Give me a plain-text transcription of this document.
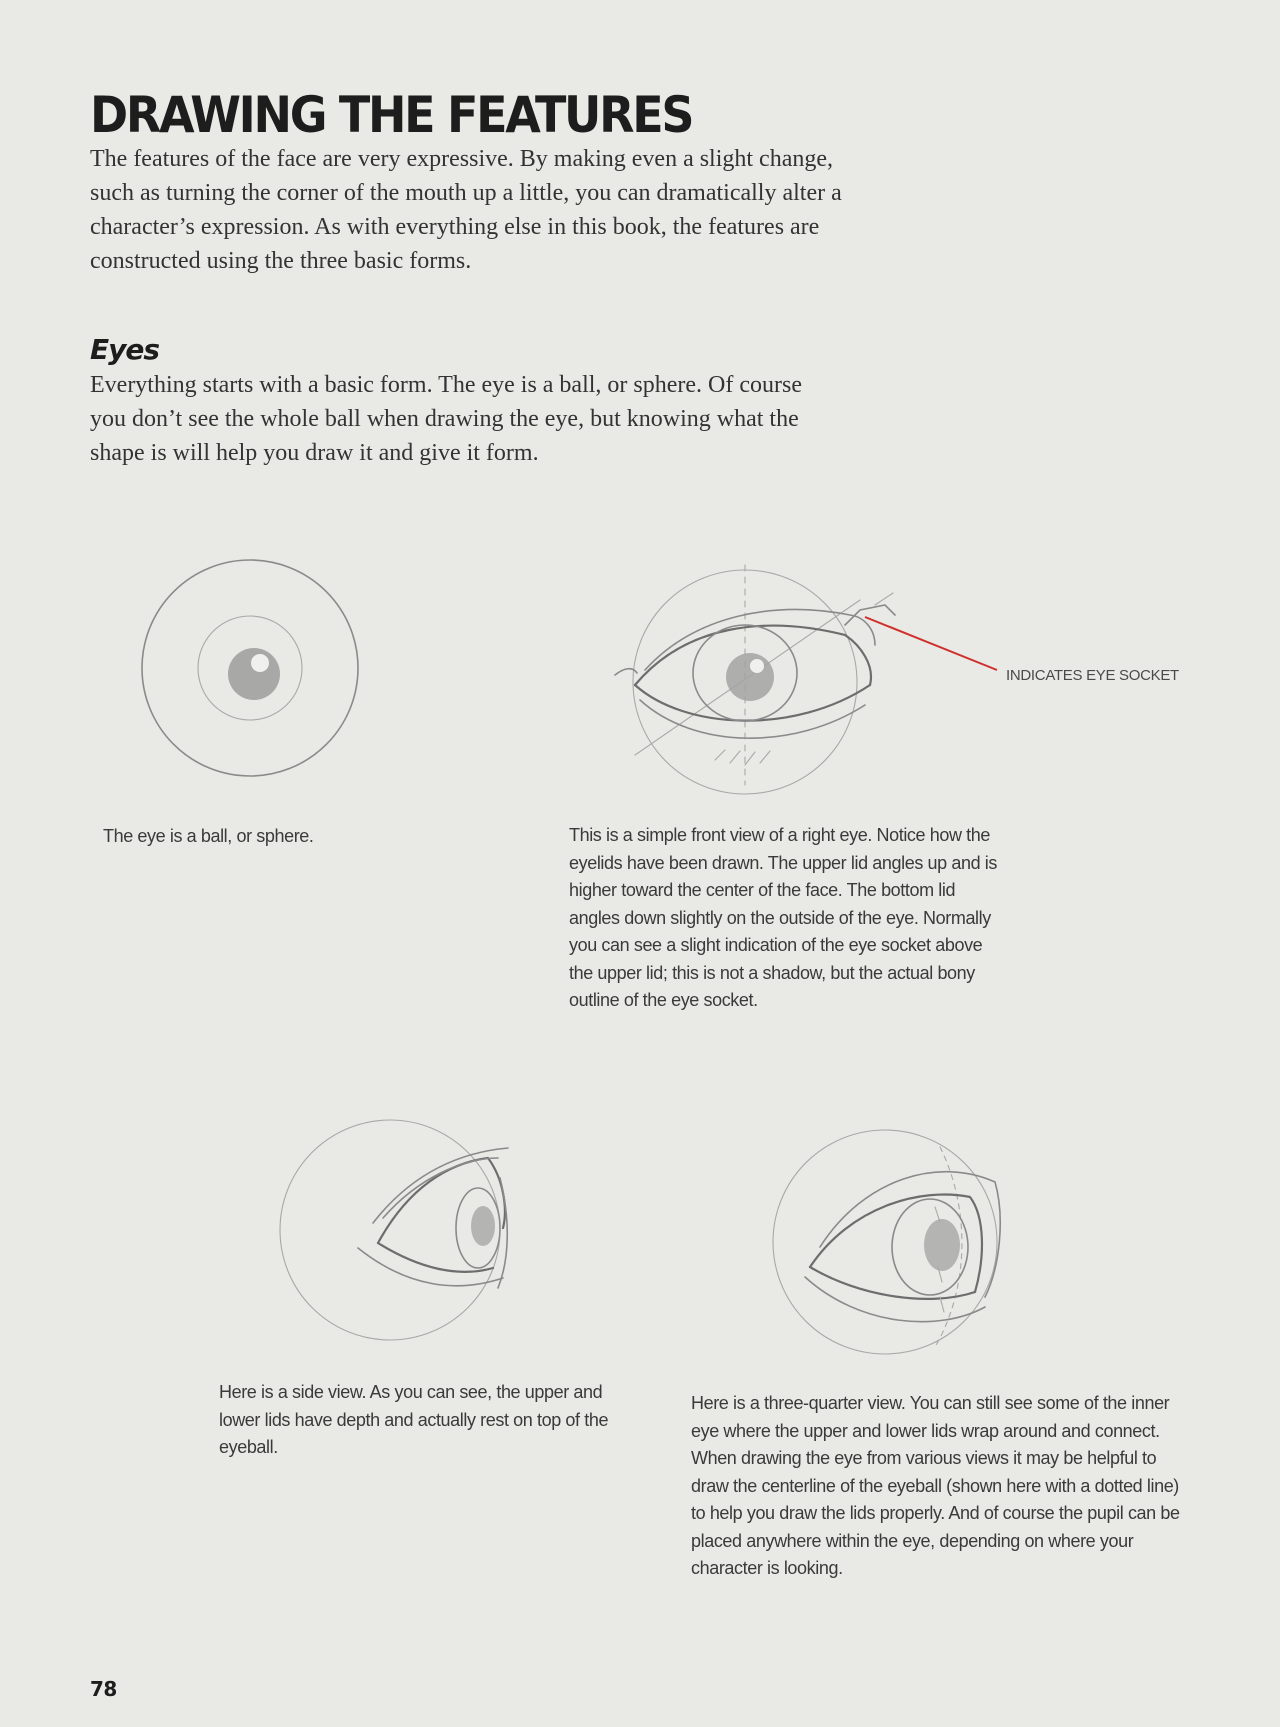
DRAWING THE FEATURES

The features of the face are very expressive. By making even a slight change, such as turning the corner of the mouth up a little, you can dramatically alter a character’s expression. As with everything else in this book, the features are constructed using the three basic forms.

Eyes

Everything starts with a basic form. The eye is a ball, or sphere. Of course you don’t see the whole ball when drawing the eye, but knowing what the shape is will help you draw it and give it form.

The eye is a ball, or sphere.

INDICATES EYE SOCKET

This is a simple front view of a right eye. Notice how the eyelids have been drawn. The upper lid angles up and is higher toward the center of the face. The bottom lid angles down slightly on the outside of the eye. Normally you can see a slight indication of the eye socket above the upper lid; this is not a shadow, but the actual bony outline of the eye socket.

Here is a side view. As you can see, the upper and lower lids have depth and actually rest on top of the eyeball.

Here is a three-quarter view. You can still see some of the inner eye where the upper and lower lids wrap around and connect. When drawing the eye from various views it may be helpful to draw the centerline of the eyeball (shown here with a dotted line) to help you draw the lids properly. And of course the pupil can be placed anywhere within the eye, depending on where your character is looking.

78
